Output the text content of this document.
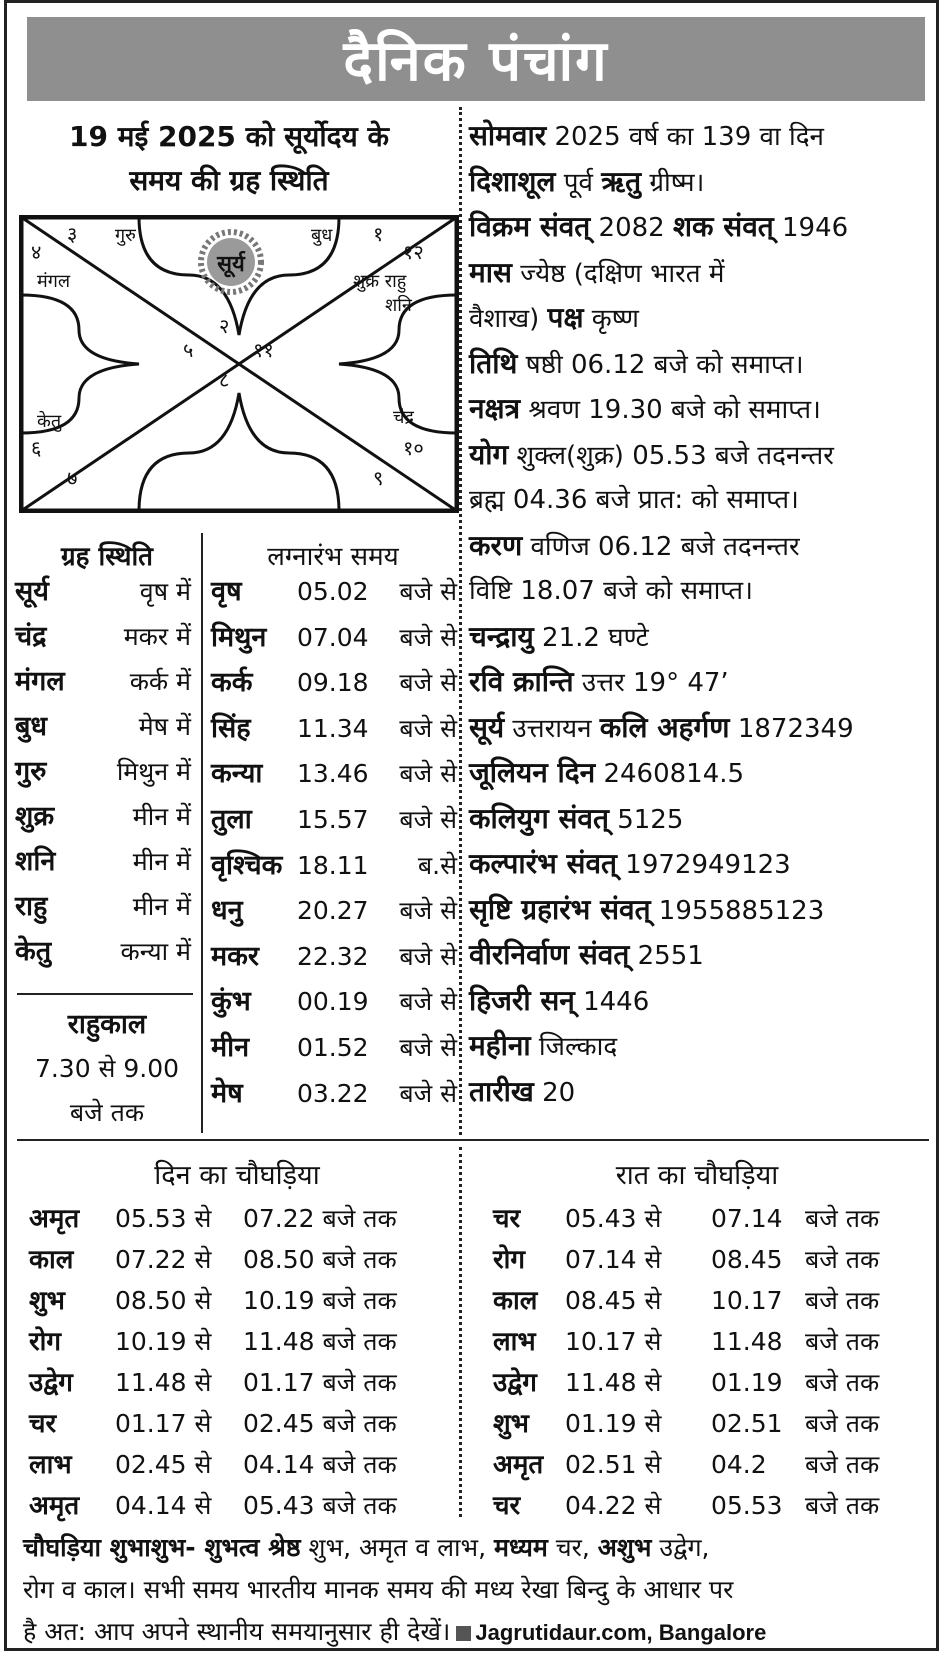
दैनिक पंचांग
19 मई 2025 को सूर्योदय के
समय की ग्रह स्थिति
सूर्य
गुरु	बुध
मंगल	शुक्र राहु
शनि
केतु	चंद्र
२
३
४
५
६
७
८
९
१०
११
१२
१
ग्रह स्थिति
सूर्य	वृष में
चंद्र	मकर में
मंगल	कर्क में
बुध	मेष में
गुरु	मिथुन में
शुक्र	मीन में
शनि	मीन में
राहु	मीन में
केतु	कन्या में
राहुकाल
7.30 से 9.00
बजे तक
लग्नारंभ समय
वृष 05.02 बजे से
मिथुन 07.04 बजे से
कर्क 09.18 बजे से
सिंह 11.34 बजे से
कन्या 13.46 बजे से
तुला 15.57 बजे से
वृश्चिक 18.11 ब.से
धनु 20.27 बजे से
मकर 22.32 बजे से
कुंभ 00.19 बजे से
मीन 01.52 बजे से
मेष 03.22 बजे से
सोमवार 2025 वर्ष का 139 वा दिन
दिशाशूल पूर्व ऋतु ग्रीष्म।
विक्रम संवत् 2082 शक संवत् 1946
मास ज्येष्ठ (दक्षिण भारत में
वैशाख) पक्ष कृष्ण
तिथि षष्ठी 06.12 बजे को समाप्त।
नक्षत्र श्रवण 19.30 बजे को समाप्त।
योग शुक्ल(शुक्र) 05.53 बजे तदनन्तर
ब्रह्म 04.36 बजे प्रात: को समाप्त।
करण वणिज 06.12 बजे तदनन्तर
विष्टि 18.07 बजे को समाप्त।
चन्द्रायु 21.2 घण्टे
रवि क्रान्ति उत्तर 19° 47’
सूर्य उत्तरायन कलि अहर्गण 1872349
जूलियन दिन 2460814.5
कलियुग संवत् 5125
कल्पारंभ संवत् 1972949123
सृष्टि ग्रहारंभ संवत् 1955885123
वीरनिर्वाण संवत् 2551
हिजरी सन् 1446
महीना जिल्काद
तारीख 20
दिन का चौघड़िया	रात का चौघड़िया
अमृत 05.53 से 07.22 बजे तक
काल 07.22 से 08.50 बजे तक
शुभ 08.50 से 10.19 बजे तक
रोग 10.19 से 11.48 बजे तक
उद्वेग 11.48 से 01.17 बजे तक
चर 01.17 से 02.45 बजे तक
लाभ 02.45 से 04.14 बजे तक
अमृत 04.14 से 05.43 बजे तक
चर 05.43 से 07.14 बजे तक
रोग 07.14 से 08.45 बजे तक
काल 08.45 से 10.17 बजे तक
लाभ 10.17 से 11.48 बजे तक
उद्वेग 11.48 से 01.19 बजे तक
शुभ 01.19 से 02.51 बजे तक
अमृत 02.51 से 04.2 बजे तक
चर 04.22 से 05.53 बजे तक
चौघड़िया शुभाशुभ- शुभत्व श्रेष्ठ शुभ, अमृत व लाभ, मध्यम चर, अशुभ उद्वेग,
रोग व काल। सभी समय भारतीय मानक समय की मध्य रेखा बिन्दु के आधार पर
है अत: आप अपने स्थानीय समयानुसार ही देखें। Jagrutidaur.com, Bangalore
